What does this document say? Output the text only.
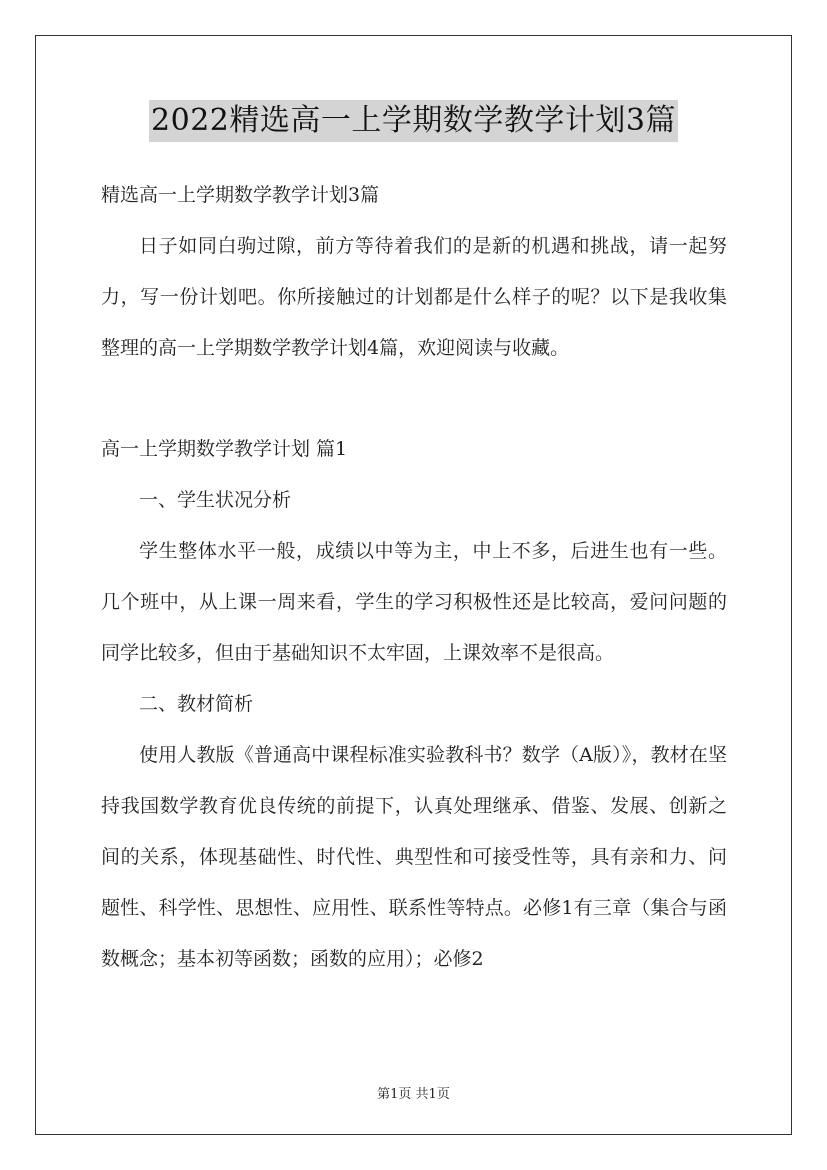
2022精选高一上学期数学教学计划3篇

精选高一上学期数学教学计划3篇

日子如同白驹过隙，前方等待着我们的是新的机遇和挑战，请一起努力，写一份计划吧。你所接触过的计划都是什么样子的呢？以下是我收集整理的高一上学期数学教学计划4篇，欢迎阅读与收藏。

高一上学期数学教学计划 篇1

一、学生状况分析

学生整体水平一般，成绩以中等为主，中上不多，后进生也有一些。几个班中，从上课一周来看，学生的学习积极性还是比较高，爱问问题的同学比较多，但由于基础知识不太牢固，上课效率不是很高。

二、教材简析

使用人教版《普通高中课程标准实验教科书？数学（A版）》，教材在坚持我国数学教育优良传统的前提下，认真处理继承、借鉴、发展、创新之间的关系，体现基础性、时代性、典型性和可接受性等，具有亲和力、问题性、科学性、思想性、应用性、联系性等特点。必修1有三章（集合与函数概念；基本初等函数；函数的应用）；必修2

第1页 共1页
